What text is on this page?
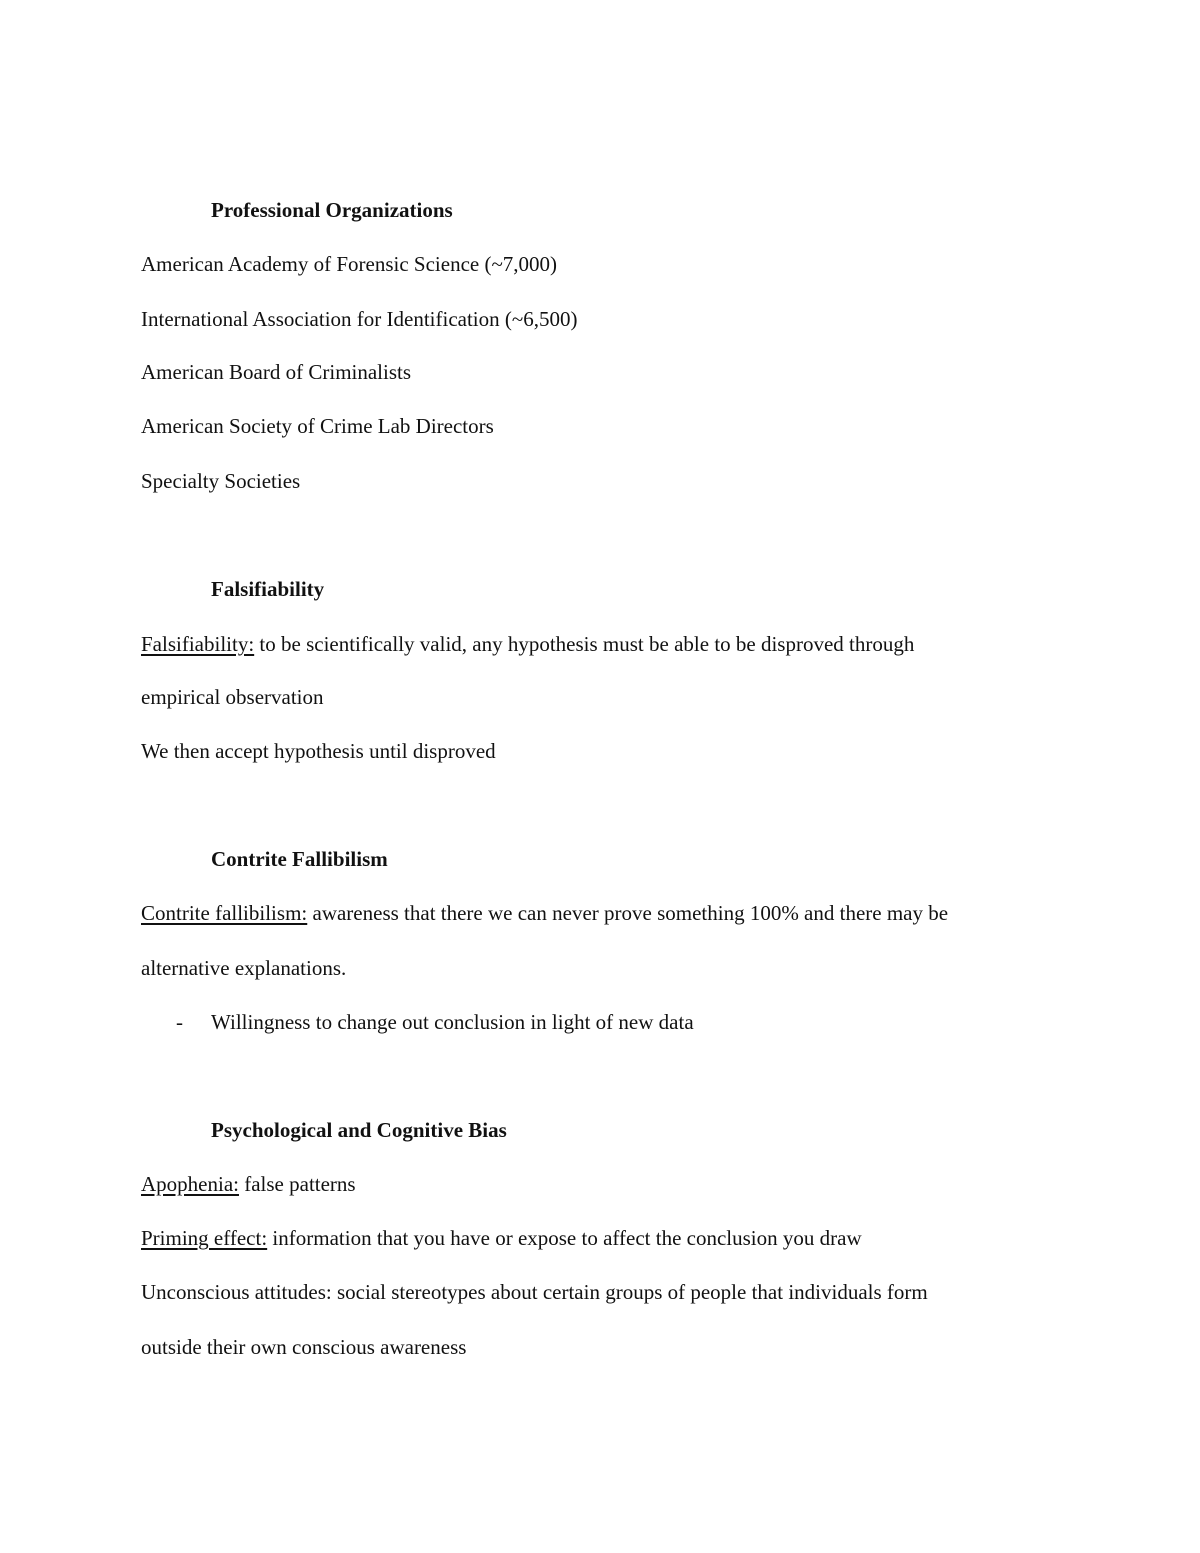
Professional Organizations
American Academy of Forensic Science (~7,000)
International Association for Identification (~6,500)
American Board of Criminalists
American Society of Crime Lab Directors
Specialty Societies
Falsifiability
Falsifiability: to be scientifically valid, any hypothesis must be able to be disproved through
empirical observation
We then accept hypothesis until disproved
Contrite Fallibilism
Contrite fallibilism: awareness that there we can never prove something 100% and there may be
alternative explanations.
- Willingness to change out conclusion in light of new data
Psychological and Cognitive Bias
Apophenia: false patterns
Priming effect: information that you have or expose to affect the conclusion you draw
Unconscious attitudes: social stereotypes about certain groups of people that individuals form
outside their own conscious awareness
